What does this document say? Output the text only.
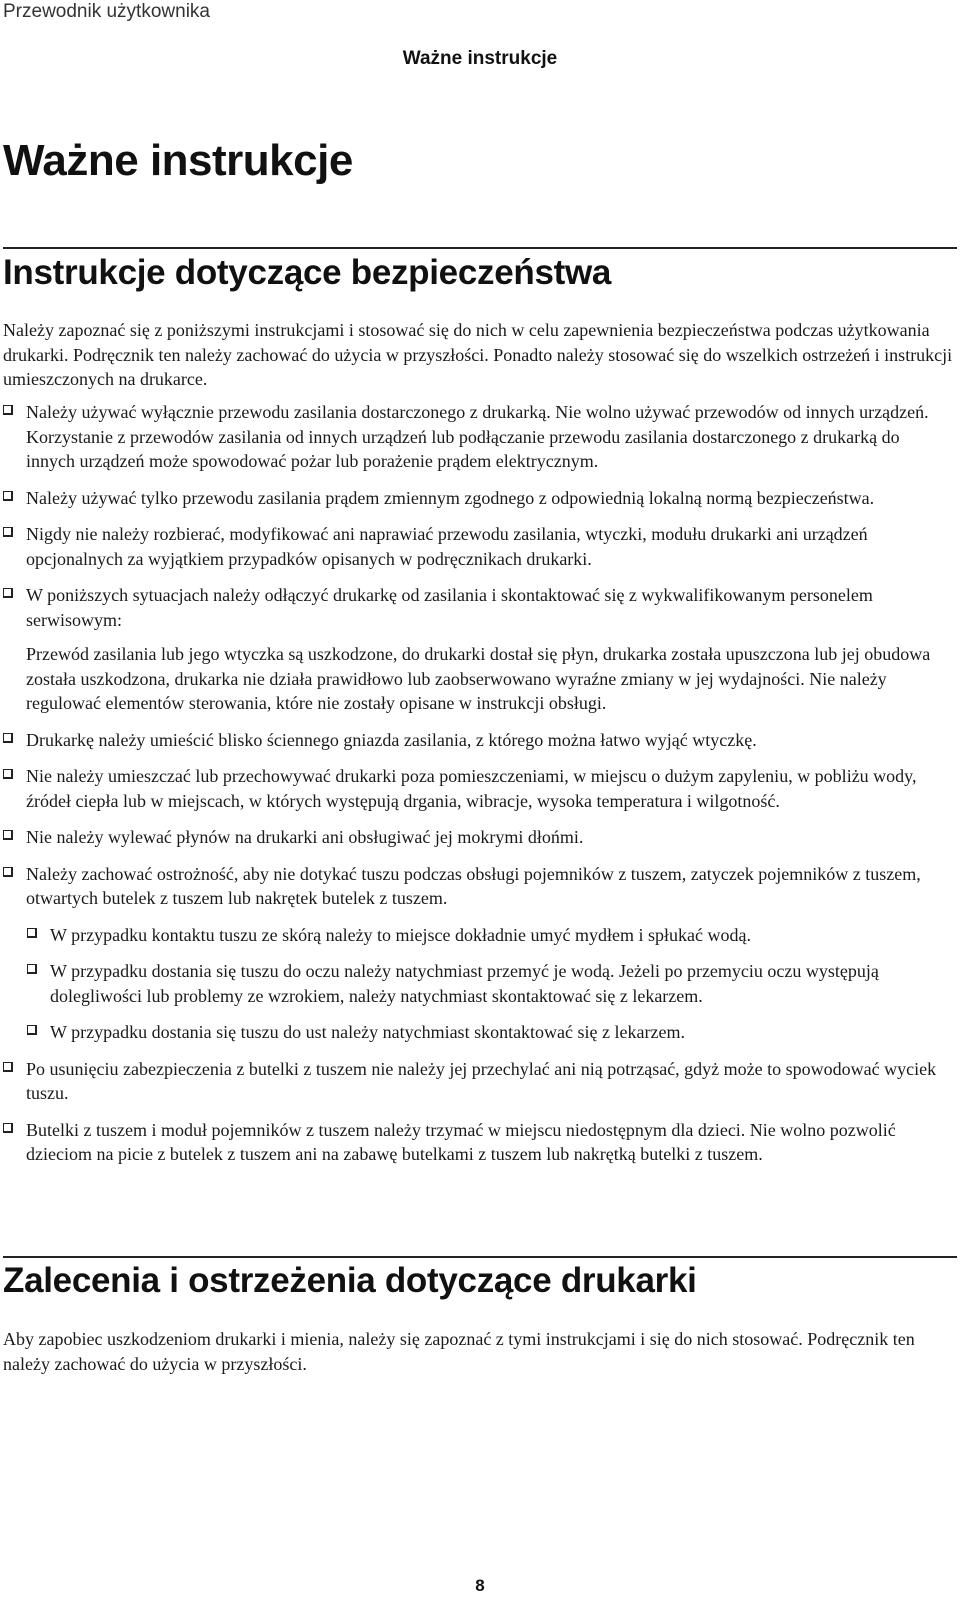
Przewodnik użytkownika
Ważne instrukcje
Ważne instrukcje
Instrukcje dotyczące bezpieczeństwa

Należy zapoznać się z poniższymi instrukcjami i stosować się do nich w celu zapewnienia bezpieczeństwa podczas użytkowania drukarki. Podręcznik ten należy zachować do użycia w przyszłości. Ponadto należy stosować się do wszelkich ostrzeżeń i instrukcji umieszczonych na drukarce.

Należy używać wyłącznie przewodu zasilania dostarczonego z drukarką. Nie wolno używać przewodów od innych urządzeń. Korzystanie z przewodów zasilania od innych urządzeń lub podłączanie przewodu zasilania dostarczonego z drukarką do innych urządzeń może spowodować pożar lub porażenie prądem elektrycznym.
Należy używać tylko przewodu zasilania prądem zmiennym zgodnego z odpowiednią lokalną normą bezpieczeństwa.
Nigdy nie należy rozbierać, modyfikować ani naprawiać przewodu zasilania, wtyczki, modułu drukarki ani urządzeń opcjonalnych za wyjątkiem przypadków opisanych w podręcznikach drukarki.
W poniższych sytuacjach należy odłączyć drukarkę od zasilania i skontaktować się z wykwalifikowanym personelem serwisowym:
Przewód zasilania lub jego wtyczka są uszkodzone, do drukarki dostał się płyn, drukarka została upuszczona lub jej obudowa została uszkodzona, drukarka nie działa prawidłowo lub zaobserwowano wyraźne zmiany w jej wydajności. Nie należy regulować elementów sterowania, które nie zostały opisane w instrukcji obsługi.
Drukarkę należy umieścić blisko ściennego gniazda zasilania, z którego można łatwo wyjąć wtyczkę.
Nie należy umieszczać lub przechowywać drukarki poza pomieszczeniami, w miejscu o dużym zapyleniu, w pobliżu wody, źródeł ciepła lub w miejscach, w których występują drgania, wibracje, wysoka temperatura i wilgotność.
Nie należy wylewać płynów na drukarki ani obsługiwać jej mokrymi dłońmi.
Należy zachować ostrożność, aby nie dotykać tuszu podczas obsługi pojemników z tuszem, zatyczek pojemników z tuszem, otwartych butelek z tuszem lub nakrętek butelek z tuszem.
W przypadku kontaktu tuszu ze skórą należy to miejsce dokładnie umyć mydłem i spłukać wodą.
W przypadku dostania się tuszu do oczu należy natychmiast przemyć je wodą. Jeżeli po przemyciu oczu występują dolegliwości lub problemy ze wzrokiem, należy natychmiast skontaktować się z lekarzem.
W przypadku dostania się tuszu do ust należy natychmiast skontaktować się z lekarzem.
Po usunięciu zabezpieczenia z butelki z tuszem nie należy jej przechylać ani nią potrząsać, gdyż może to spowodować wyciek tuszu.
Butelki z tuszem i moduł pojemników z tuszem należy trzymać w miejscu niedostępnym dla dzieci. Nie wolno pozwolić dzieciom na picie z butelek z tuszem ani na zabawę butelkami z tuszem lub nakrętką butelki z tuszem.
Zalecenia i ostrzeżenia dotyczące drukarki

Aby zapobiec uszkodzeniom drukarki i mienia, należy się zapoznać z tymi instrukcjami i się do nich stosować. Podręcznik ten należy zachować do użycia w przyszłości.

8
